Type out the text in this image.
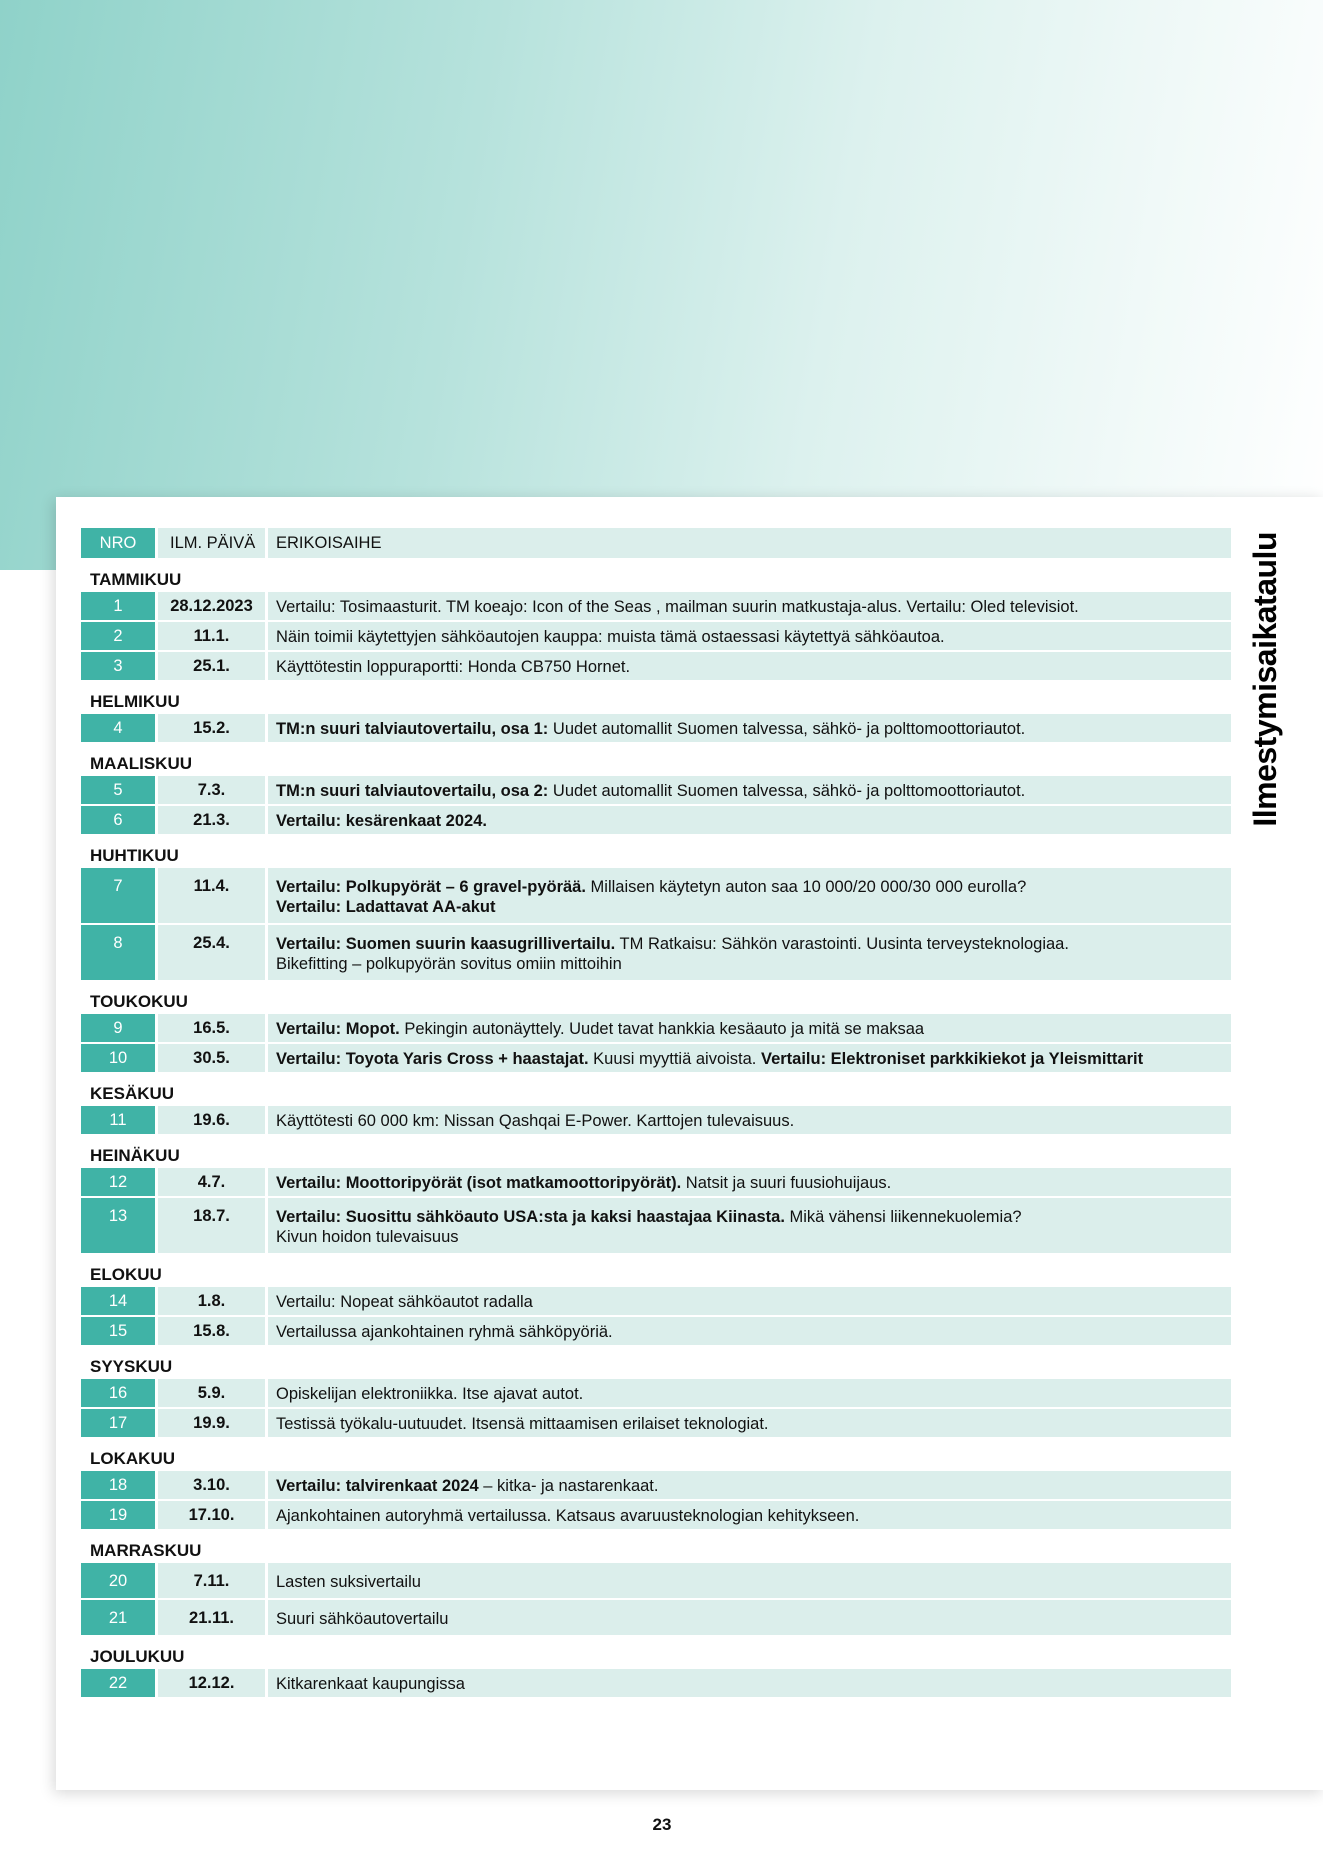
Ilmestymisaikataulu
NRO	ILM. PÄIVÄ	ERIKOISAIHE
TAMMIKUU		
1	28.12.2023	Vertailu: Tosimaasturit. TM koeajo: Icon of the Seas , mailman suurin matkustaja-alus. Vertailu: Oled televisiot.

2	11.1.	Näin toimii käytettyjen sähköautojen kauppa: muista tämä ostaessasi käytettyä sähköautoa.

3	25.1.	Käyttötestin loppuraportti: Honda CB750 Hornet.

HELMIKUU		
4	15.2.	TM:n suuri talviautovertailu, osa 1: Uudet automallit Suomen talvessa, sähkö- ja polttomoottoriautot.

MAALISKUU		
5	7.3.	TM:n suuri talviautovertailu, osa 2: Uudet automallit Suomen talvessa, sähkö- ja polttomoottoriautot.

6	21.3.	Vertailu: kesärenkaat 2024.

HUHTIKUU		
7	11.4.	Vertailu: Polkupyörät – 6 gravel-pyörää. Millaisen käytetyn auton saa 10 000/20 000/30 000 eurolla?
Vertailu: Ladattavat AA-akut

8	25.4.	Vertailu: Suomen suurin kaasugrillivertailu. TM Ratkaisu: Sähkön varastointi. Uusinta terveysteknologiaa.
Bikefitting – polkupyörän sovitus omiin mittoihin

TOUKOKUU		
9	16.5.	Vertailu: Mopot. Pekingin autonäyttely. Uudet tavat hankkia kesäauto ja mitä se maksaa

10	30.5.	Vertailu: Toyota Yaris Cross + haastajat. Kuusi myyttiä aivoista. Vertailu: Elektroniset parkkikiekot ja Yleismittarit

KESÄKUU		
11	19.6.	Käyttötesti 60 000 km: Nissan Qashqai E-Power. Karttojen tulevaisuus.

HEINÄKUU		
12	4.7.	Vertailu: Moottoripyörät (isot matkamoottoripyörät). Natsit ja suuri fuusiohuijaus.

13	18.7.	Vertailu: Suosittu sähköauto USA:sta ja kaksi haastajaa Kiinasta. Mikä vähensi liikennekuolemia?
Kivun hoidon tulevaisuus

ELOKUU		
14	1.8.	Vertailu: Nopeat sähköautot radalla

15	15.8.	Vertailussa ajankohtainen ryhmä sähköpyöriä.

SYYSKUU		
16	5.9.	Opiskelijan elektroniikka. Itse ajavat autot.

17	19.9.	Testissä työkalu-uutuudet. Itsensä mittaamisen erilaiset teknologiat.

LOKAKUU		
18	3.10.	Vertailu: talvirenkaat 2024 – kitka- ja nastarenkaat.

19	17.10.	Ajankohtainen autoryhmä vertailussa. Katsaus avaruusteknologian kehitykseen.

MARRASKUU		
20	7.11.	Lasten suksivertailu

21	21.11.	Suuri sähköautovertailu

JOULUKUU		
22	12.12.	Kitkarenkaat kaupungissa
23
